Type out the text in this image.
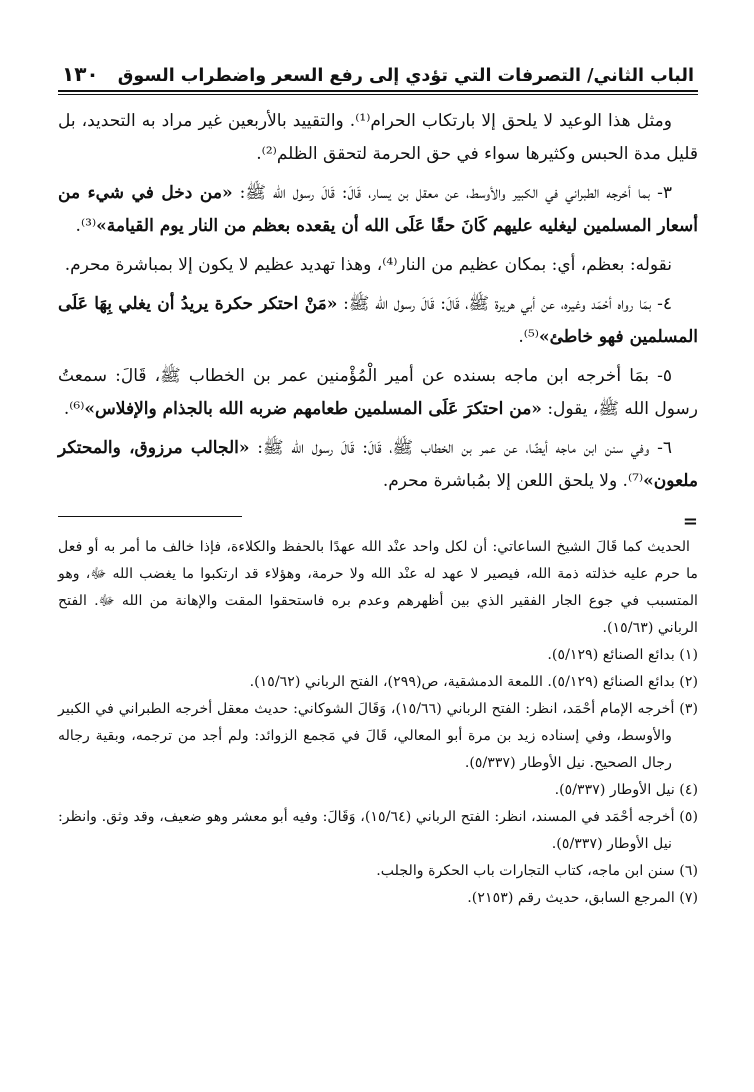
الباب الثاني/ التصرفات التي تؤدي إلى رفع السعر واضطراب السوق
١٣٠

ومثل هذا الوعيد لا يلحق إلا بارتكاب الحرام⁽¹⁾. والتقييد بالأربعين غير مراد به التحديد، بل قليل مدة الحبس وكثيرها سواء في حق الحرمة لتحقق الظلم⁽²⁾.

٣- بما أخرجه الطبراني في الكبير والأوسط، عن معقل بن يسار، قَالَ: قَالَ رسول الله ﷺ: «من دخل في شيء من أسعار المسلمين ليغليه عليهم كَانَ حقًا عَلَى الله أن يقعده بعظم من النار يوم القيامة»⁽³⁾.

نقوله: بعظم، أي: بمكان عظيم من النار⁽⁴⁾، وهذا تهديد عظيم لا يكون إلا بمباشرة محرم.

٤- بمَا رواه أحْمَد وغيره، عن أبي هريرة ﷺ، قَالَ: قَالَ رسول الله ﷺ: «مَنْ احتكر حكرة يريدُ أن يغلي بِهَا عَلَى المسلمين فهو خاطئ»⁽⁵⁾.

٥- بمَا أخرجه ابن ماجه بسنده عن أمير الْمُؤْمنين عمر بن الخطاب ﷺ، قَالَ: سمعتُ رسول الله ﷺ، يقول: «من احتكرَ عَلَى المسلمين طعامهم ضربه الله بالجذام والإفلاس»⁽⁶⁾.

٦- وفي سنن ابن ماجه أيضًا، عن عمر بن الخطاب ﷺ، قَالَ: قَالَ رسول الله ﷺ: «الجالب مرزوق، والمحتكر ملعون»⁽⁷⁾. ولا يلحق اللعن إلا بمُباشرة محرم.

=

الحديث كما قَالَ الشيخ الساعاتي: أن لكل واحد عنْد الله عهدًا بالحفظ والكلاءة، فإذا خالف ما أمر به أو فعل ما حرم عليه خذلته ذمة الله، فيصير لا عهد له عنْد الله ولا حرمة، وهؤلاء قد ارتكبوا ما يغضب الله ﷻ، وهو المتسبب في جوع الجار الفقير الذي بين أظهرهم وعدم بره فاستحقوا المقت والإهانة من الله ﷻ. الفتح الرباني (١٥/٦٣).

(١) بدائع الصنائع (٥/١٢٩).

(٢) بدائع الصنائع (٥/١٢٩). اللمعة الدمشقية، ص(٢٩٩)، الفتح الرباني (١٥/٦٢).

(٣) أخرجه الإمام أحْمَد، انظر: الفتح الرباني (١٥/٦٦)، وَقَالَ الشوكاني: حديث معقل أخرجه الطبراني في الكبير والأوسط، وفي إسناده زيد بن مرة أبو المعالي، قَالَ في مَجمع الزوائد: ولم أجد من ترجمه، وبقية رجاله رجال الصحيح. نيل الأوطار (٥/٣٣٧).

(٤) نيل الأوطار (٥/٣٣٧).

(٥) أخرجه أحْمَد في المسند، انظر: الفتح الرباني (١٥/٦٤)، وَقَالَ: وفيه أبو معشر وهو ضعيف، وقد وثق. وانظر: نيل الأوطار (٥/٣٣٧).

(٦) سنن ابن ماجه، كتاب التجارات باب الحكرة والجلب.

(٧) المرجع السابق، حديث رقم (٢١٥٣).
